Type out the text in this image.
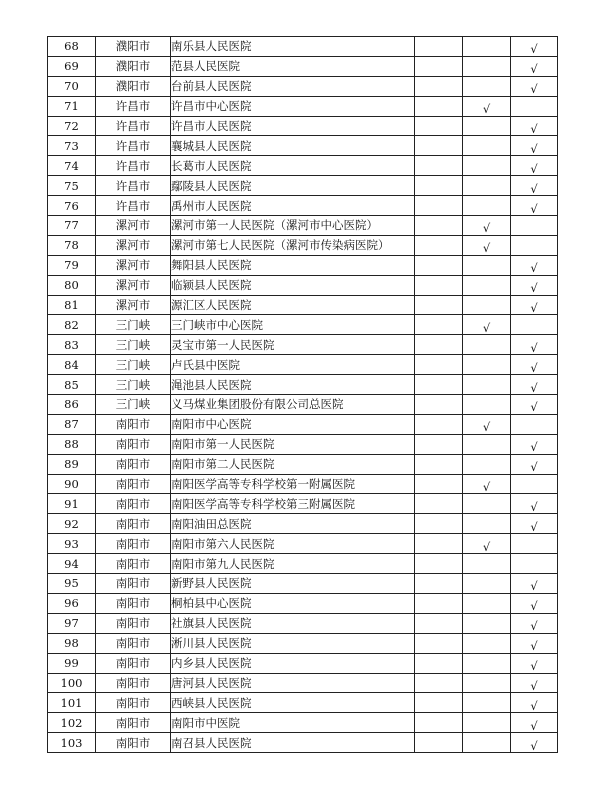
68	濮阳市	南乐县人民医院			√
69	濮阳市	范县人民医院			√
70	濮阳市	台前县人民医院			√
71	许昌市	许昌市中心医院		√	
72	许昌市	许昌市人民医院			√
73	许昌市	襄城县人民医院			√
74	许昌市	长葛市人民医院			√
75	许昌市	鄢陵县人民医院			√
76	许昌市	禹州市人民医院			√
77	漯河市	漯河市第一人民医院（漯河市中心医院）		√	
78	漯河市	漯河市第七人民医院（漯河市传染病医院）		√	
79	漯河市	舞阳县人民医院			√
80	漯河市	临颍县人民医院			√
81	漯河市	源汇区人民医院			√
82	三门峡	三门峡市中心医院		√	
83	三门峡	灵宝市第一人民医院			√
84	三门峡	卢氏县中医院			√
85	三门峡	渑池县人民医院			√
86	三门峡	义马煤业集团股份有限公司总医院			√
87	南阳市	南阳市中心医院		√	
88	南阳市	南阳市第一人民医院			√
89	南阳市	南阳市第二人民医院			√
90	南阳市	南阳医学高等专科学校第一附属医院		√	
91	南阳市	南阳医学高等专科学校第三附属医院			√
92	南阳市	南阳油田总医院			√
93	南阳市	南阳市第六人民医院		√	
94	南阳市	南阳市第九人民医院			
95	南阳市	新野县人民医院			√
96	南阳市	桐柏县中心医院			√
97	南阳市	社旗县人民医院			√
98	南阳市	淅川县人民医院			√
99	南阳市	内乡县人民医院			√
100	南阳市	唐河县人民医院			√
101	南阳市	西峡县人民医院			√
102	南阳市	南阳市中医院			√
103	南阳市	南召县人民医院			√
